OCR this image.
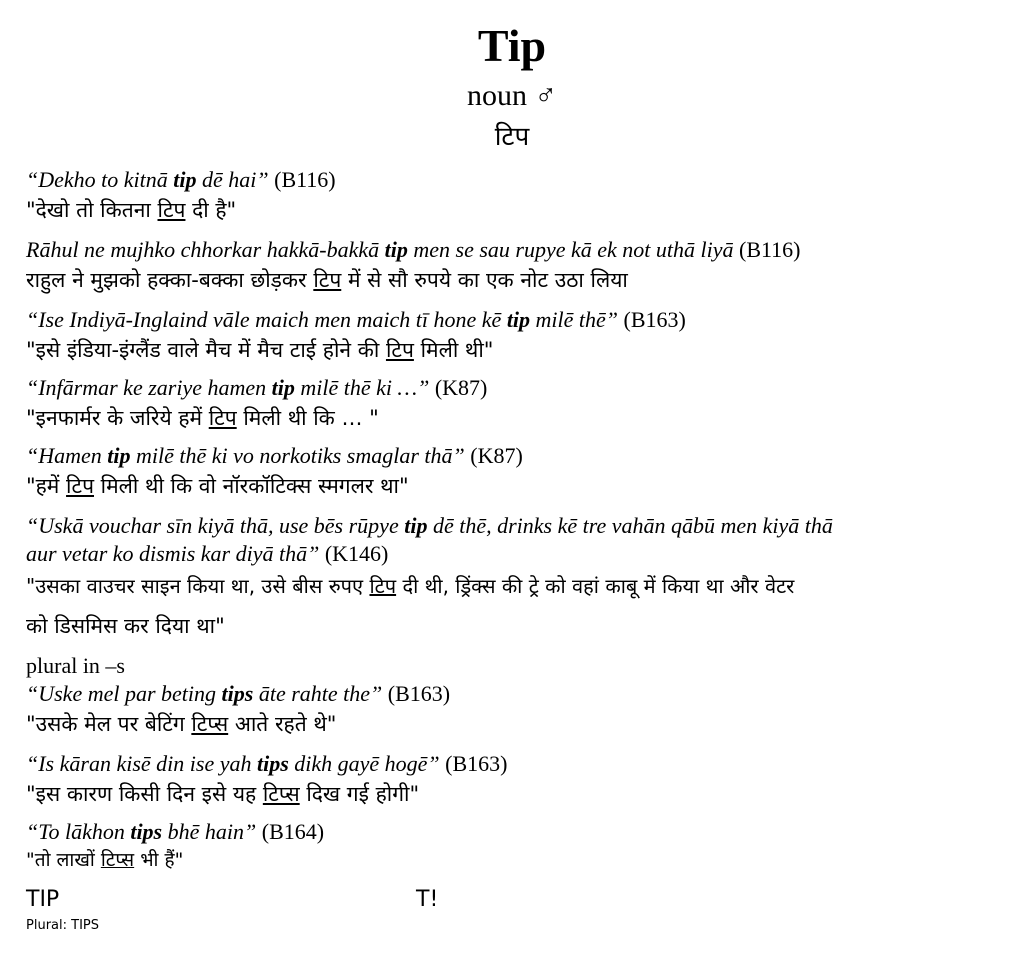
Tip
noun ♂
टिप
“Dekho to kitnā tip dē hai” (B116)
"देखो तो कितना टिप दी है"
Rāhul ne mujhko chhorkar hakkā-bakkā tip men se sau rupye kā ek not uthā liyā (B116)
राहुल ने मुझको हक्का-बक्का छोड़कर टिप में से सौ रुपये का एक नोट उठा लिया
“Ise Indiyā-Inglaind vāle maich men maich tī hone kē tip milē thē” (B163)
"इसे इंडिया-इंग्लैंड वाले मैच में मैच टाई होने की टिप मिली थी"
“Infārmar ke zariye hamen tip milē thē ki …” (K87)
"इनफार्मर के जरिये हमें टिप मिली थी कि … "
“Hamen tip milē thē ki vo norkotiks smaglar thā” (K87)
"हमें टिप मिली थी कि वो नॉरकॉटिक्स स्मगलर था"
“Uskā vouchar sīn kiyā thā, use bēs rūpye tip dē thē, drinks kē tre vahān qābū men kiyā thā
aur vetar ko dismis kar diyā thā” (K146)
"उसका वाउचर साइन किया था, उसे बीस रुपए टिप दी थी, ड्रिंक्स की ट्रे को वहां काबू में किया था और वेटर
को डिसमिस कर दिया था"
plural in –s
“Uske mel par beting tips āte rahte the” (B163)
"उसके मेल पर बेटिंग टिप्स आते रहते थे"
“Is kāran kisē din ise yah tips dikh gayē hogē” (B163)
"इस कारण किसी दिन इसे यह टिप्स दिख गई होगी"
“To lākhon tips bhē hain” (B164)
"तो लाखों टिप्स भी हैं"
TIP	T!
Plural: TIPS
